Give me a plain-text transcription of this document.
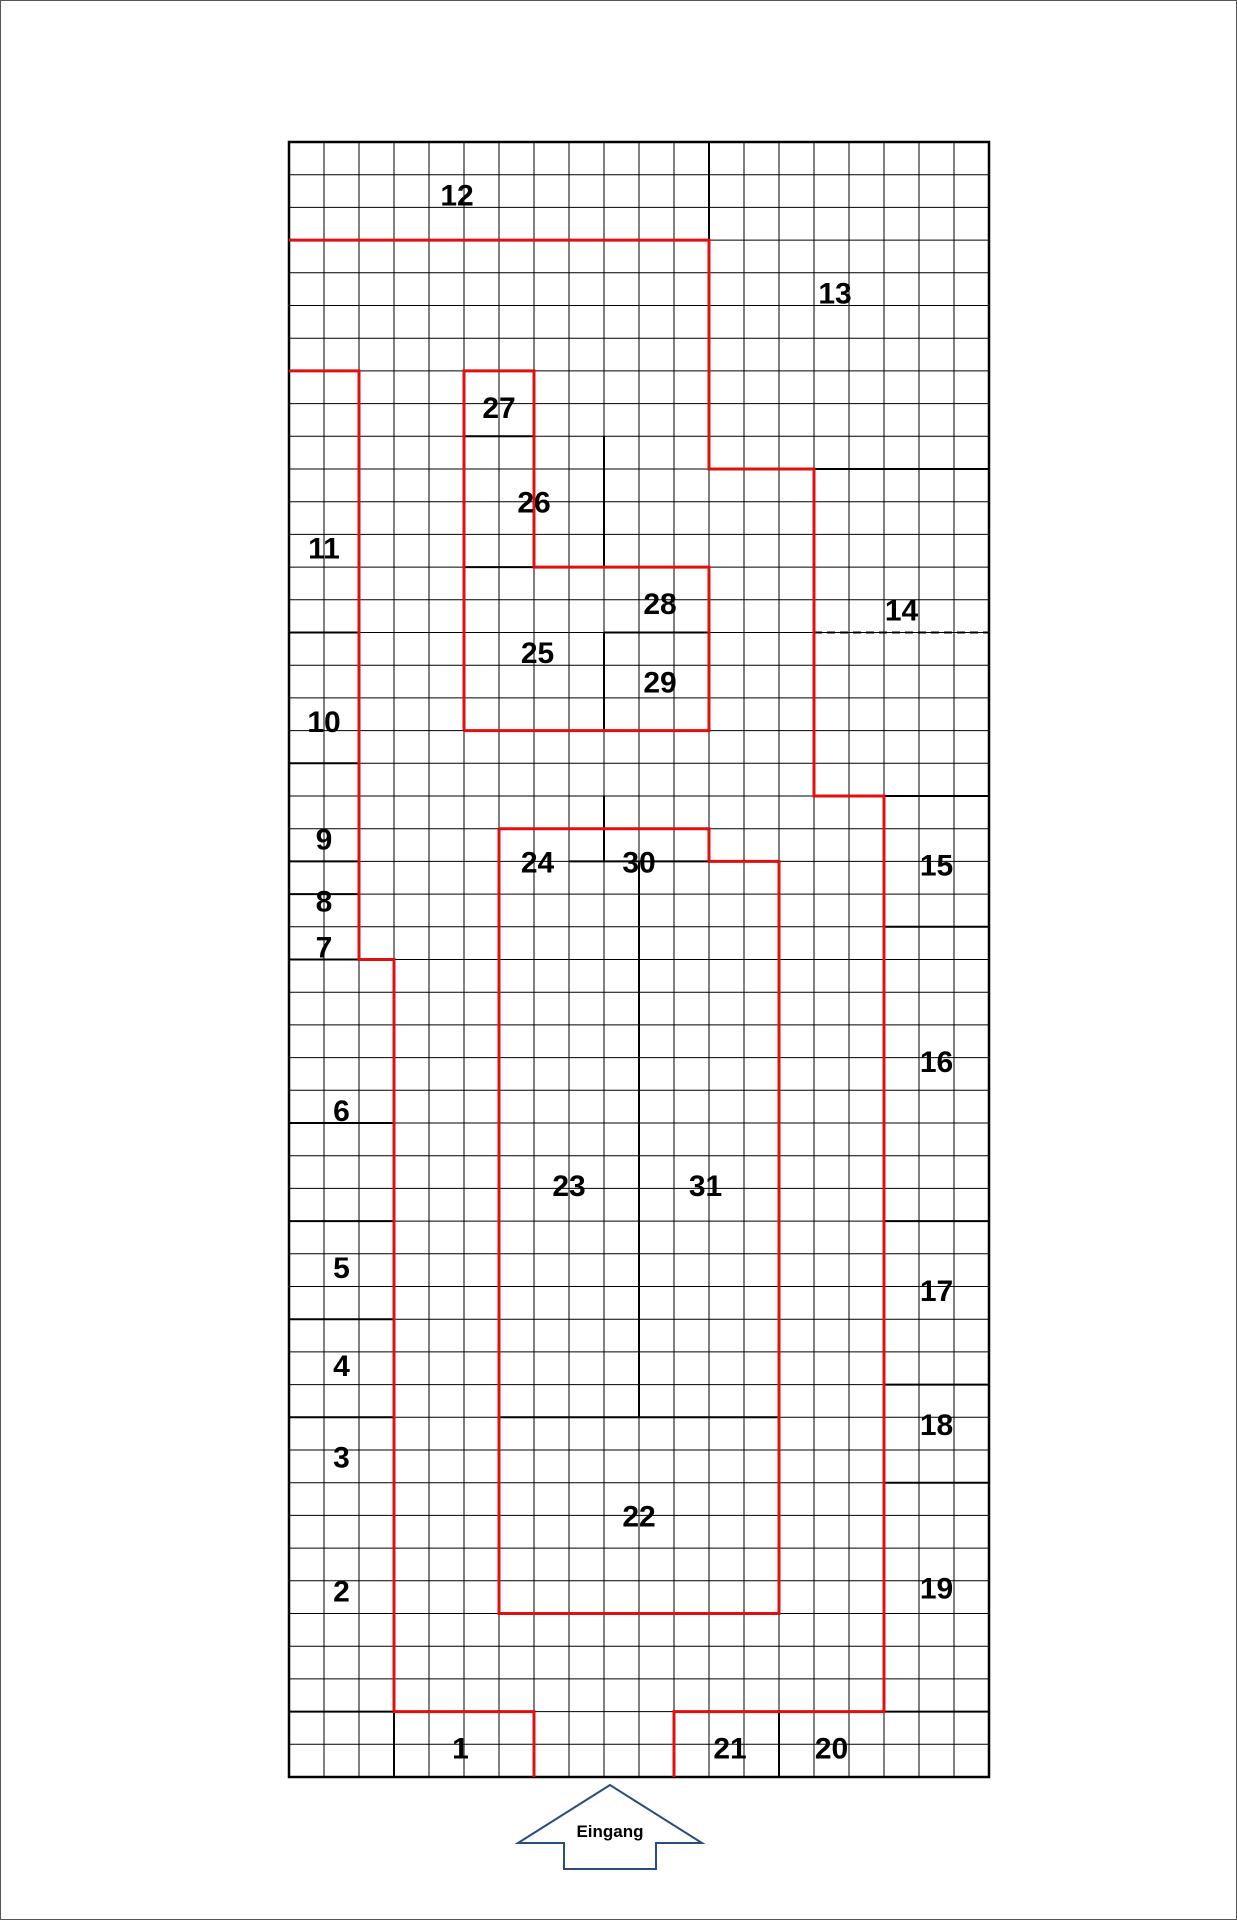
1
2
3
4
5
6
7
8
9
10
11
12
13
14
15
16
17
18
19
20
21
22
23
24
25
26
27
28
29
30
31
Eingang
